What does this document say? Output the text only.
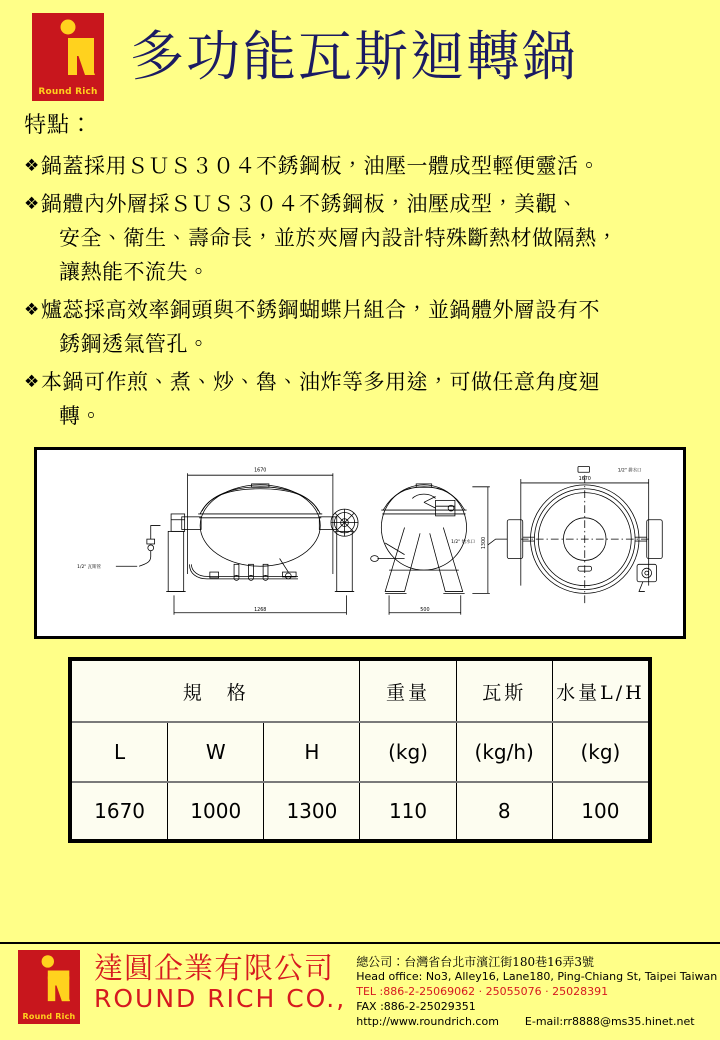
Round Rich
多功能瓦斯迴轉鍋
特點：
❖ 鍋蓋採用ＳＵＳ３０４不銹鋼板，油壓一體成型輕便靈活。
❖ 鍋體內外層採ＳＵＳ３０４不銹鋼板，油壓成型，美觀、
安全、衛生、壽命長，並於夾層內設計特殊斷熱材做隔熱，
讓熱能不流失。
❖ 爐蕊採高效率銅頭與不銹鋼蝴蝶片組合，並鍋體外層設有不
銹鋼透氣管孔。
❖ 本鍋可作煎、煮、炒、魯、油炸等多用途，可做任意角度迴
轉。
1670
1/2" 瓦斯管
1268
1300
500
1/2" 給水口
1/2" 排水口
1670
規　格			重量	瓦斯	水量L/H
L	W	H	(kg)	(kg/h)	(kg)
1670	1000	1300	110	8	100
Round Rich
達圓企業有限公司
ROUND RICH CO.,
總公司：台灣省台北市濱江街180巷16弄3號
Head office: No3, Alley16, Lane180, Ping-Chiang St, Taipei Taiwan
TEL :886-2-25069062 ‧ 25055076 ‧ 25028391
FAX :886-2-25029351
http://www.roundrich.com E-mail:rr8888@ms35.hinet.net
